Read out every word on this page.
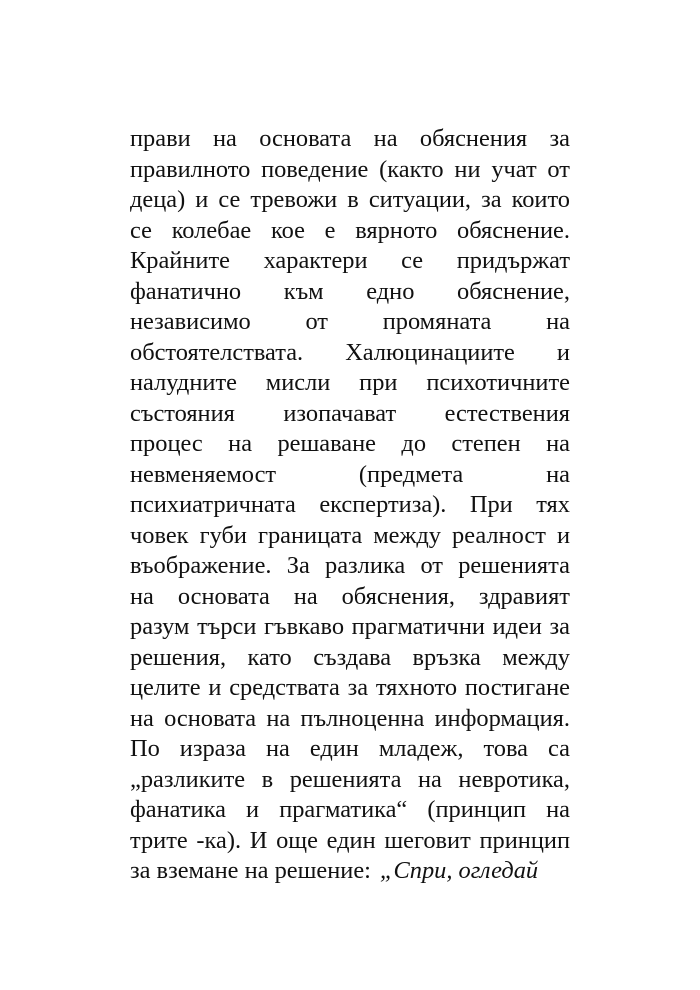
прави на основата на обяснения за
правилното поведение (както ни учат от
деца) и се тревожи в ситуации, за които
се колебае кое е вярното обяснение.
Крайните характери се придържат
фанатично към едно обяснение,
независимо от промяната на
обстоятелствата. Халюцинациите и
налудните мисли при психотичните
състояния изопачават естествения
процес на решаване до степен на
невменяемост	(предмета	на
психиатричната експертиза). При тях
човек губи границата между реалност и
въображение. За разлика от решенията
на основата на обяснения, здравият
разум търси гъвкаво прагматични идеи за
решения, като създава връзка между
целите и средствата за тяхното постигане
на основата на пълноценна информация.
По израза на един младеж, това са
„разликите в решенията на невротика,
фанатика и прагматика“ (принцип на
трите -ка). И още един шеговит принцип
за вземане на решение: „Спри, огледай
